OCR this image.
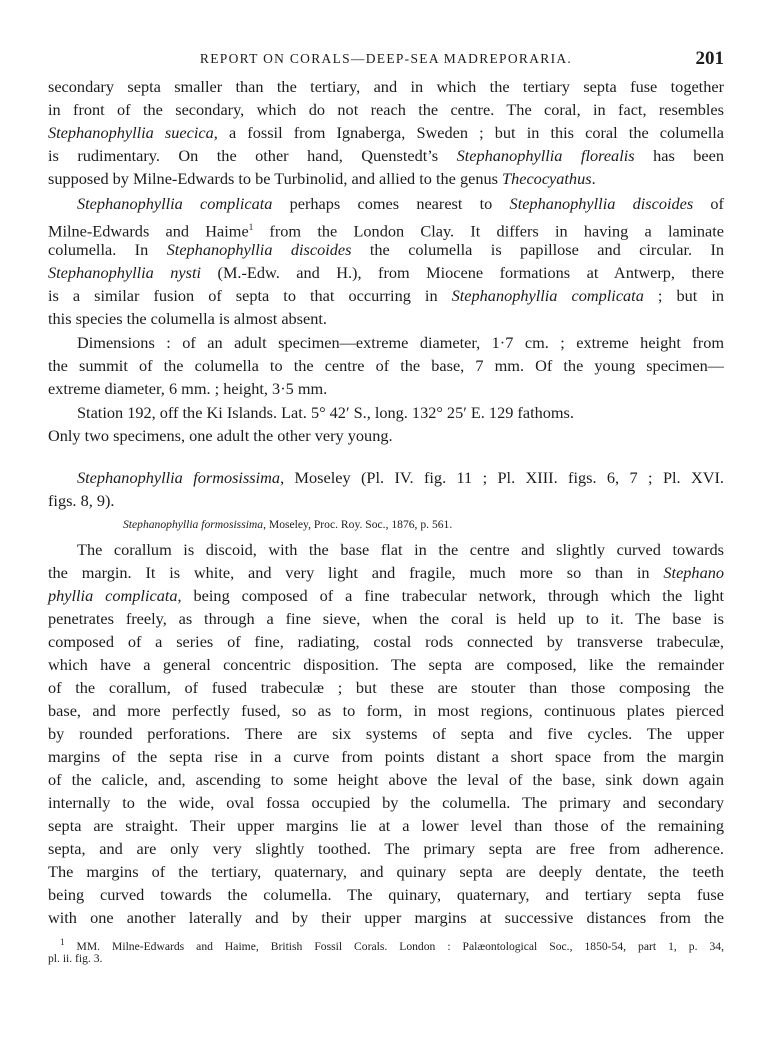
REPORT ON CORALS—DEEP-SEA MADREPORARIA.	201
secondary septa smaller than the tertiary, and in which the tertiary septa fuse together
in front of the secondary, which do not reach the centre. The coral, in fact, resembles
Stephanophyllia suecica, a fossil from Ignaberga, Sweden ; but in this coral the columella
is rudimentary. On the other hand, Quenstedt’s Stephanophyllia florealis has been
supposed by Milne-Edwards to be Turbinolid, and allied to the genus Thecocyathus.
Stephanophyllia complicata perhaps comes nearest to Stephanophyllia discoides of
Milne-Edwards and Haime$^1$ from the London Clay. It differs in having a laminate
columella. In Stephanophyllia discoides the columella is papillose and circular. In
Stephanophyllia nysti (M.-Edw. and H.), from Miocene formations at Antwerp, there
is a similar fusion of septa to that occurring in Stephanophyllia complicata ; but in
this species the columella is almost absent.
Dimensions : of an adult specimen—extreme diameter, 1·7 cm. ; extreme height from
the summit of the columella to the centre of the base, 7 mm. Of the young specimen—
extreme diameter, 6 mm. ; height, 3·5 mm.
Station 192, off the Ki Islands. Lat. 5° 42′ S., long. 132° 25′ E. 129 fathoms.
Only two specimens, one adult the other very young.
Stephanophyllia formosissima, Moseley (Pl. IV. fig. 11 ; Pl. XIII. figs. 6, 7 ; Pl. XVI.
figs. 8, 9).
Stephanophyllia formosissima, Moseley, Proc. Roy. Soc., 1876, p. 561.
The corallum is discoid, with the base flat in the centre and slightly curved towards
the margin. It is white, and very light and fragile, much more so than in Stephano
phyllia complicata, being composed of a fine trabecular network, through which the light
penetrates freely, as through a fine sieve, when the coral is held up to it. The base is
composed of a series of fine, radiating, costal rods connected by transverse trabeculæ,
which have a general concentric disposition. The septa are composed, like the remainder
of the corallum, of fused trabeculæ ; but these are stouter than those composing the
base, and more perfectly fused, so as to form, in most regions, continuous plates pierced
by rounded perforations. There are six systems of septa and five cycles. The upper
margins of the septa rise in a curve from points distant a short space from the margin
of the calicle, and, ascending to some height above the leval of the base, sink down again
internally to the wide, oval fossa occupied by the columella. The primary and secondary
septa are straight. Their upper margins lie at a lower level than those of the remaining
septa, and are only very slightly toothed. The primary septa are free from adherence.
The margins of the tertiary, quaternary, and quinary septa are deeply dentate, the teeth
being curved towards the columella. The quinary, quaternary, and tertiary septa fuse
with one another laterally and by their upper margins at successive distances from the
$^1$ MM. Milne-Edwards and Haime, British Fossil Corals. London : Palæontological Soc., 1850-54, part 1, p. 34,
pl. ii. fig. 3.
